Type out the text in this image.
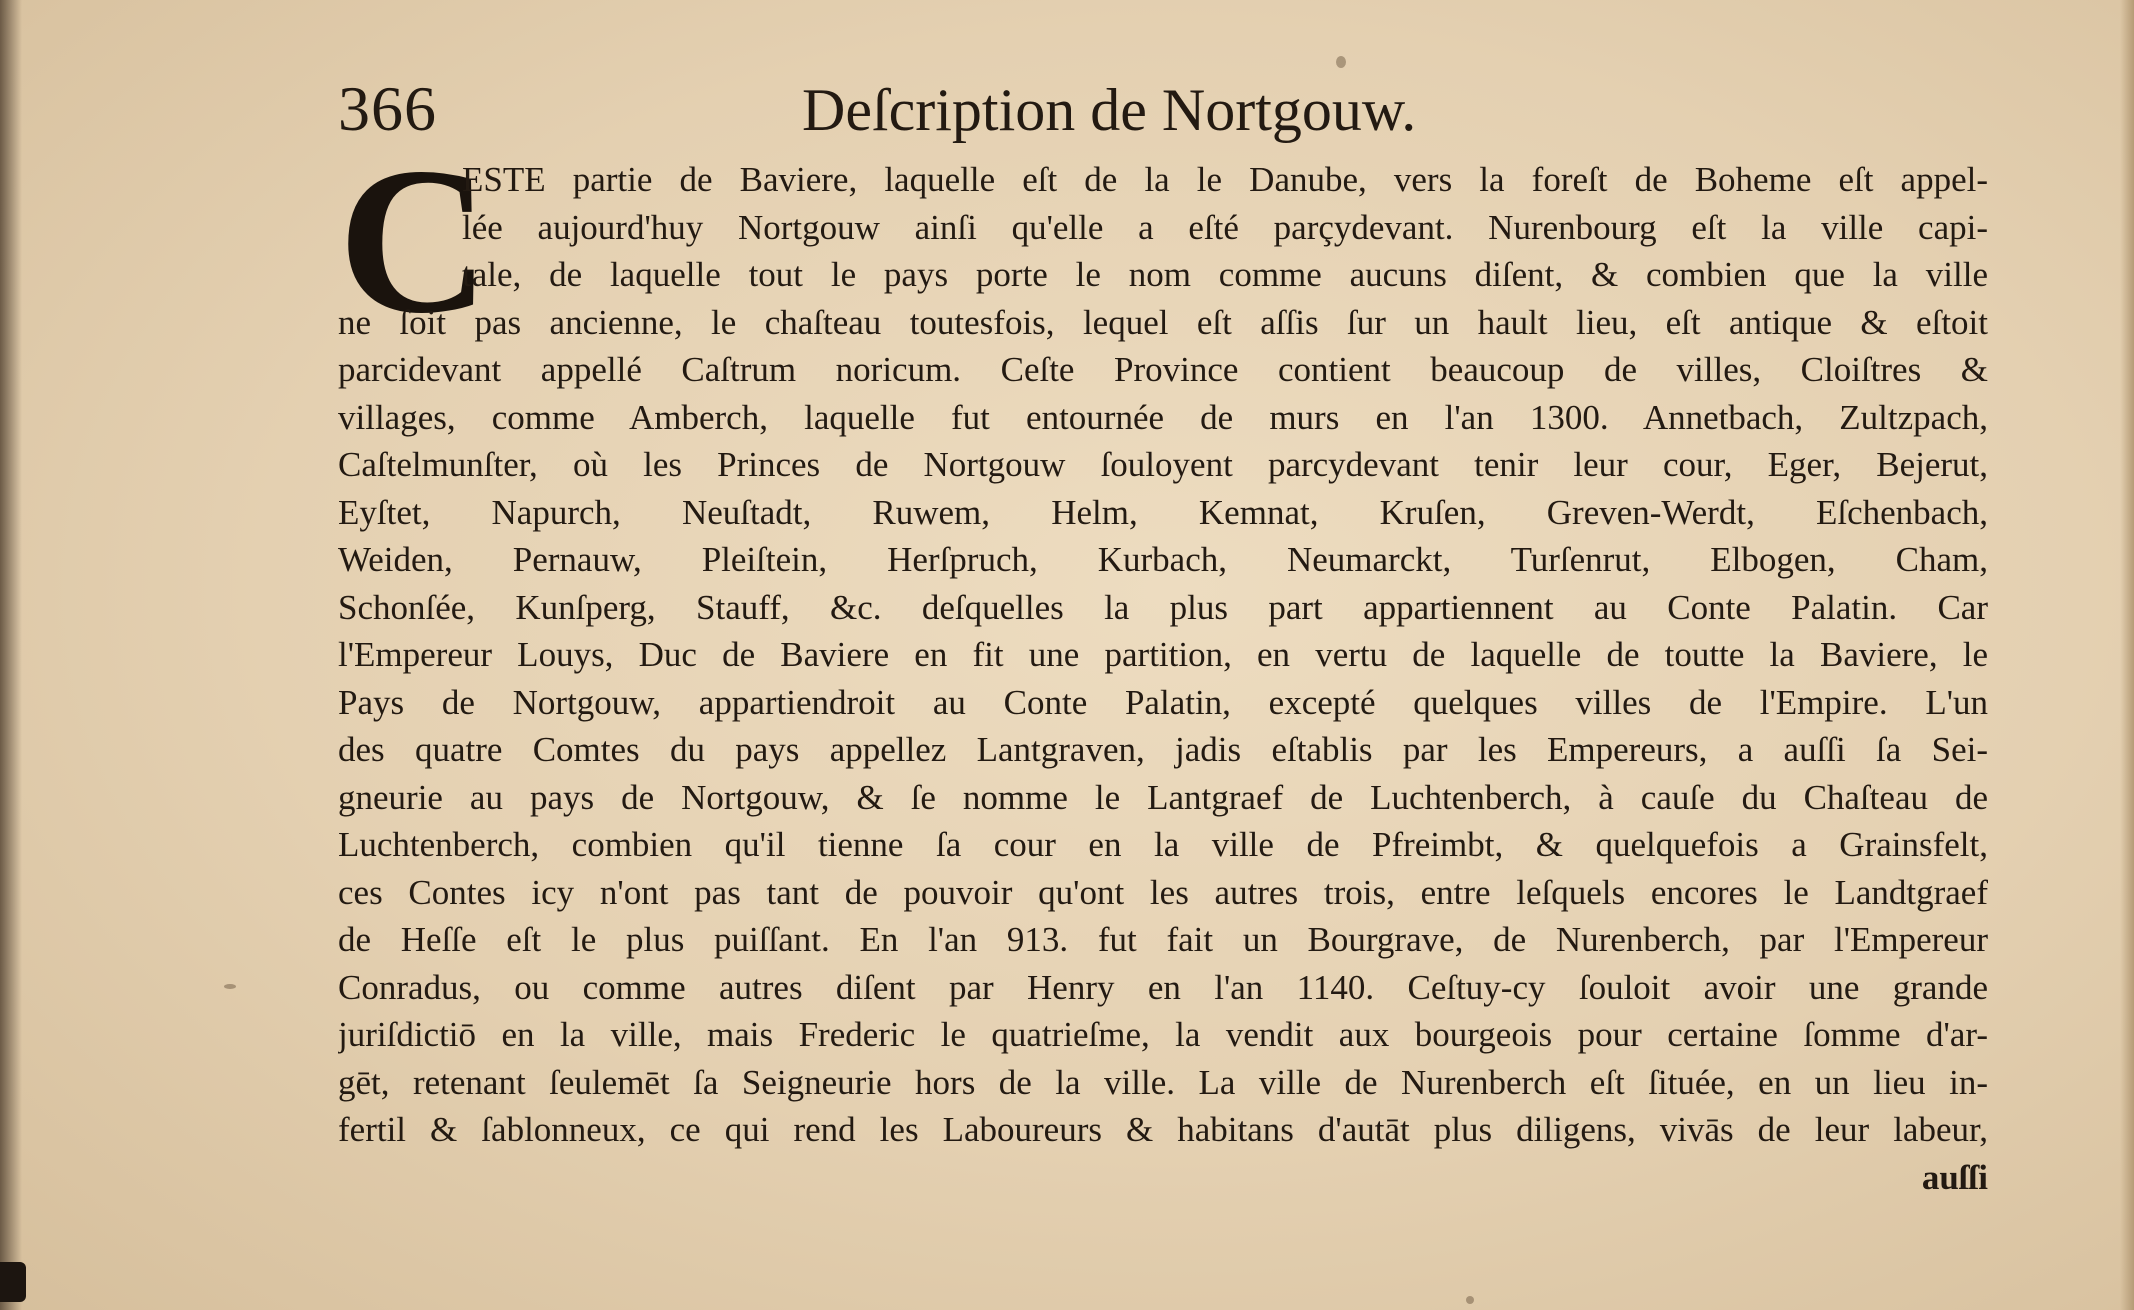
366	Deſcription de Nortgouw.
C
ESTE partie de Baviere, laquelle eſt de la le Danube, vers la foreſt de Boheme eſt appel-
lée aujourd'huy Nortgouw ainſi qu'elle a eſté parçydevant. Nurenbourg eſt la ville capi-
tale, de laquelle tout le pays porte le nom comme aucuns diſent, & combien que la ville
ne ſoit pas ancienne, le chaſteau toutesfois, lequel eſt aſſis ſur un hault lieu, eſt antique & eſtoit
parcidevant appellé Caſtrum noricum. Ceſte Province contient beaucoup de villes, Cloiſtres &
villages, comme Amberch, laquelle fut entournée de murs en l'an 1300. Annetbach, Zultzpach,
Caſtelmunſter, où les Princes de Nortgouw ſouloyent parcydevant tenir leur cour, Eger, Bejerut,
Eyſtet, Napurch, Neuſtadt, Ruwem, Helm, Kemnat, Kruſen, Greven-Werdt, Eſchenbach,
Weiden, Pernauw, Pleiſtein, Herſpruch, Kurbach, Neumarckt, Turſenrut, Elbogen, Cham,
Schonſée, Kunſperg, Stauff, &c. deſquelles la plus part appartiennent au Conte Palatin. Car
l'Empereur Louys, Duc de Baviere en fit une partition, en vertu de laquelle de toutte la Baviere, le
Pays de Nortgouw, appartiendroit au Conte Palatin, excepté quelques villes de l'Empire. L'un
des quatre Comtes du pays appellez Lantgraven, jadis eſtablis par les Empereurs, a auſſi ſa Sei-
gneurie au pays de Nortgouw, & ſe nomme le Lantgraef de Luchtenberch, à cauſe du Chaſteau de
Luchtenberch, combien qu'il tienne ſa cour en la ville de Pfreimbt, & quelquefois a Grainsfelt,
ces Contes icy n'ont pas tant de pouvoir qu'ont les autres trois, entre leſquels encores le Landtgraef
de Heſſe eſt le plus puiſſant. En l'an 913. fut fait un Bourgrave, de Nurenberch, par l'Empereur
Conradus, ou comme autres diſent par Henry en l'an 1140. Ceſtuy-cy ſouloit avoir une grande
juriſdictiō en la ville, mais Frederic le quatrieſme, la vendit aux bourgeois pour certaine ſomme d'ar-
gēt, retenant ſeulemēt ſa Seigneurie hors de la ville. La ville de Nurenberch eſt ſituée, en un lieu in-
fertil & ſablonneux, ce qui rend les Laboureurs & habitans d'autāt plus diligens, vivās de leur labeur,
auſſi
